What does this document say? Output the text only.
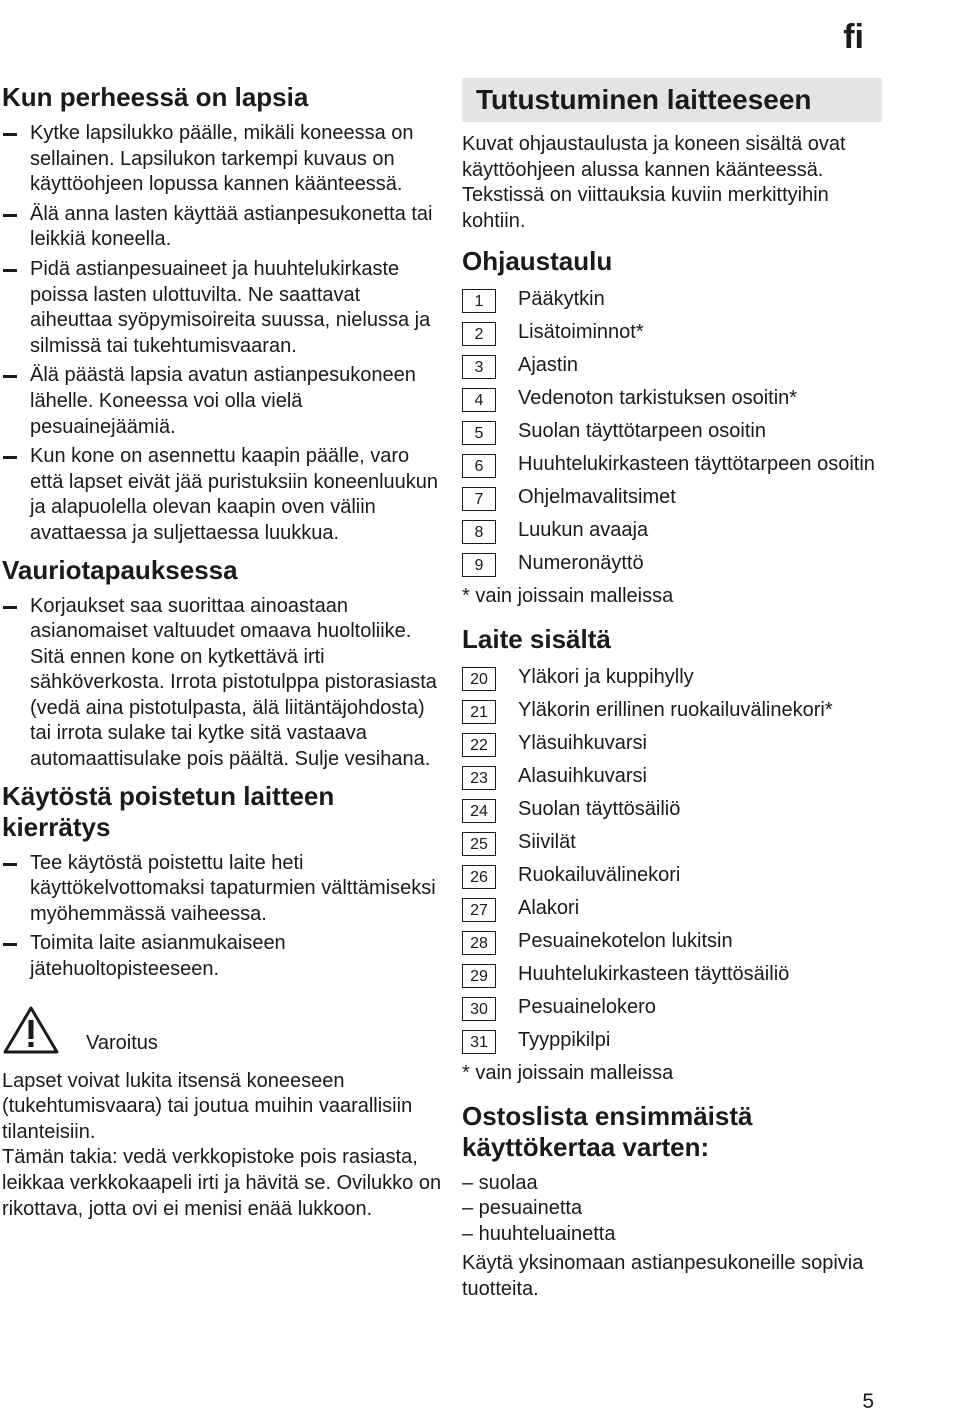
fi
Kun perheessä on lapsia
Kytke lapsilukko päälle, mikäli koneessa on sellainen. Lapsilukon tarkempi kuvaus on käyttöohjeen lopussa kannen käänteessä.
Älä anna lasten käyttää astianpesukonetta tai leikkiä koneella.
Pidä astianpesuaineet ja huuhtelukirkaste poissa lasten ulottuvilta. Ne saattavat aiheuttaa syöpymisoireita suussa, nielussa ja silmissä tai tukehtumisvaaran.
Älä päästä lapsia avatun astianpesukoneen lähelle. Koneessa voi olla vielä pesuainejäämiä.
Kun kone on asennettu kaapin päälle, varo että lapset eivät jää puristuksiin koneenluukun ja alapuolella olevan kaapin oven väliin avattaessa ja suljettaessa luukkua.
Vauriotapauksessa
Korjaukset saa suorittaa ainoastaan asianomaiset valtuudet omaava huoltoliike. Sitä ennen kone on kytkettävä irti sähköverkosta. Irrota pistotulppa pistorasiasta (vedä aina pistotulpasta, älä liitäntäjohdosta) tai irrota sulake tai kytke sitä vastaava automaattisulake pois päältä. Sulje vesihana.
Käytöstä poistetun laitteen kierrätys
Tee käytöstä poistettu laite heti käyttökelvottomaksi tapaturmien välttämiseksi myöhemmässä vaiheessa.
Toimita laite asianmukaiseen jätehuoltopisteeseen.
Varoitus

Lapset voivat lukita itsensä koneeseen (tukehtumisvaara) tai joutua muihin vaarallisiin tilanteisiin.

Tämän takia: vedä verkkopistoke pois rasiasta, leikkaa verkkokaapeli irti ja hävitä se. Ovilukko on rikottava, jotta ovi ei menisi enää lukkoon.

Tutustuminen laitteeseen

Kuvat ohjaustaulusta ja koneen sisältä ovat käyttöohjeen alussa kannen käänteessä.

Tekstissä on viittauksia kuviin merkittyihin kohtiin.

Ohjaustaulu
1	Pääkytkin
2	Lisätoiminnot*
3	Ajastin
4	Vedenoton tarkistuksen osoitin*
5	Suolan täyttötarpeen osoitin
6	Huuhtelukirkasteen täyttötarpeen osoitin
7	Ohjelmavalitsimet
8	Luukun avaaja
9	Numeronäyttö

* vain joissain malleissa

Laite sisältä
20	Yläkori ja kuppihylly
21	Yläkorin erillinen ruokailuvälinekori*
22	Yläsuihkuvarsi
23	Alasuihkuvarsi
24	Suolan täyttösäiliö
25	Siivilät
26	Ruokailuvälinekori
27	Alakori
28	Pesuainekotelon lukitsin
29	Huuhtelukirkasteen täyttösäiliö
30	Pesuainelokero
31	Tyyppikilpi

* vain joissain malleissa

Ostoslista ensimmäistä käyttökertaa varten:
– suolaa
– pesuainetta
– huuhteluainetta

Käytä yksinomaan astianpesukoneille sopivia tuotteita.

5
